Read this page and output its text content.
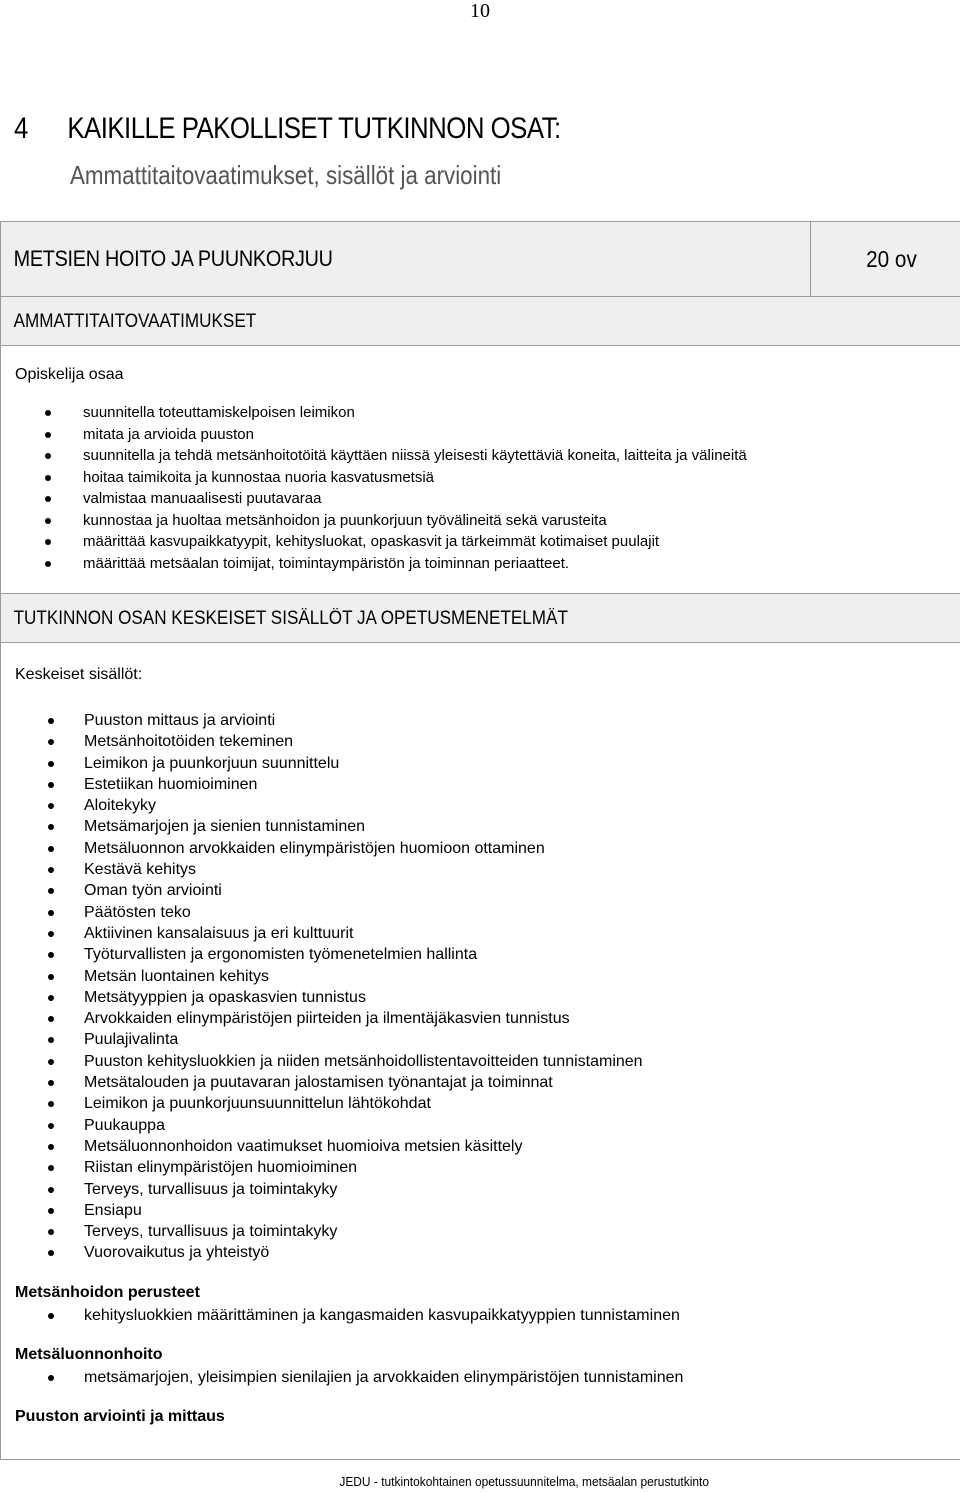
10
4 KAIKILLE PAKOLLISET TUTKINNON OSAT:
Ammattitaitovaatimukset, sisällöt ja arviointi
METSIEN HOITO JA PUUNKORJUU	20 ov

AMMATTITAITOVAATIMUKSET

Opiskelija osaa

suunnitella toteuttamiskelpoisen leimikon
mitata ja arvioida puuston
suunnitella ja tehdä metsänhoitotöitä käyttäen niissä yleisesti käytettäviä koneita, laitteita ja välineitä
hoitaa taimikoita ja kunnostaa nuoria kasvatusmetsiä
valmistaa manuaalisesti puutavaraa
kunnostaa ja huoltaa metsänhoidon ja puunkorjuun työvälineitä sekä varusteita
määrittää kasvupaikkatyypit, kehitysluokat, opaskasvit ja tärkeimmät kotimaiset puulajit
määrittää metsäalan toimijat, toimintaympäristön ja toiminnan periaatteet.

TUTKINNON OSAN KESKEISET SISÄLLÖT JA OPETUSMENETELMÄT

Keskeiset sisällöt:

Puuston mittaus ja arviointi
Metsänhoitotöiden tekeminen
Leimikon ja puunkorjuun suunnittelu
Estetiikan huomioiminen
Aloitekyky
Metsämarjojen ja sienien tunnistaminen
Metsäluonnon arvokkaiden elinympäristöjen huomioon ottaminen
Kestävä kehitys
Oman työn arviointi
Päätösten teko
Aktiivinen kansalaisuus ja eri kulttuurit
Työturvallisten ja ergonomisten työmenetelmien hallinta
Metsän luontainen kehitys
Metsätyyppien ja opaskasvien tunnistus
Arvokkaiden elinympäristöjen piirteiden ja ilmentäjäkasvien tunnistus
Puulajivalinta
Puuston kehitysluokkien ja niiden metsänhoidollistentavoitteiden tunnistaminen
Metsätalouden ja puutavaran jalostamisen työnantajat ja toiminnat
Leimikon ja puunkorjuunsuunnittelun lähtökohdat
Puukauppa
Metsäluonnonhoidon vaatimukset huomioiva metsien käsittely
Riistan elinympäristöjen huomioiminen
Terveys, turvallisuus ja toimintakyky
Ensiapu
Terveys, turvallisuus ja toimintakyky
Vuorovaikutus ja yhteistyö

Metsänhoidon perusteet

kehitysluokkien määrittäminen ja kangasmaiden kasvupaikkatyyppien tunnistaminen

Metsäluonnonhoito

metsämarjojen, yleisimpien sienilajien ja arvokkaiden elinympäristöjen tunnistaminen

Puuston arviointi ja mittaus

JEDU - tutkintokohtainen opetussuunnitelma, metsäalan perustutkinto
